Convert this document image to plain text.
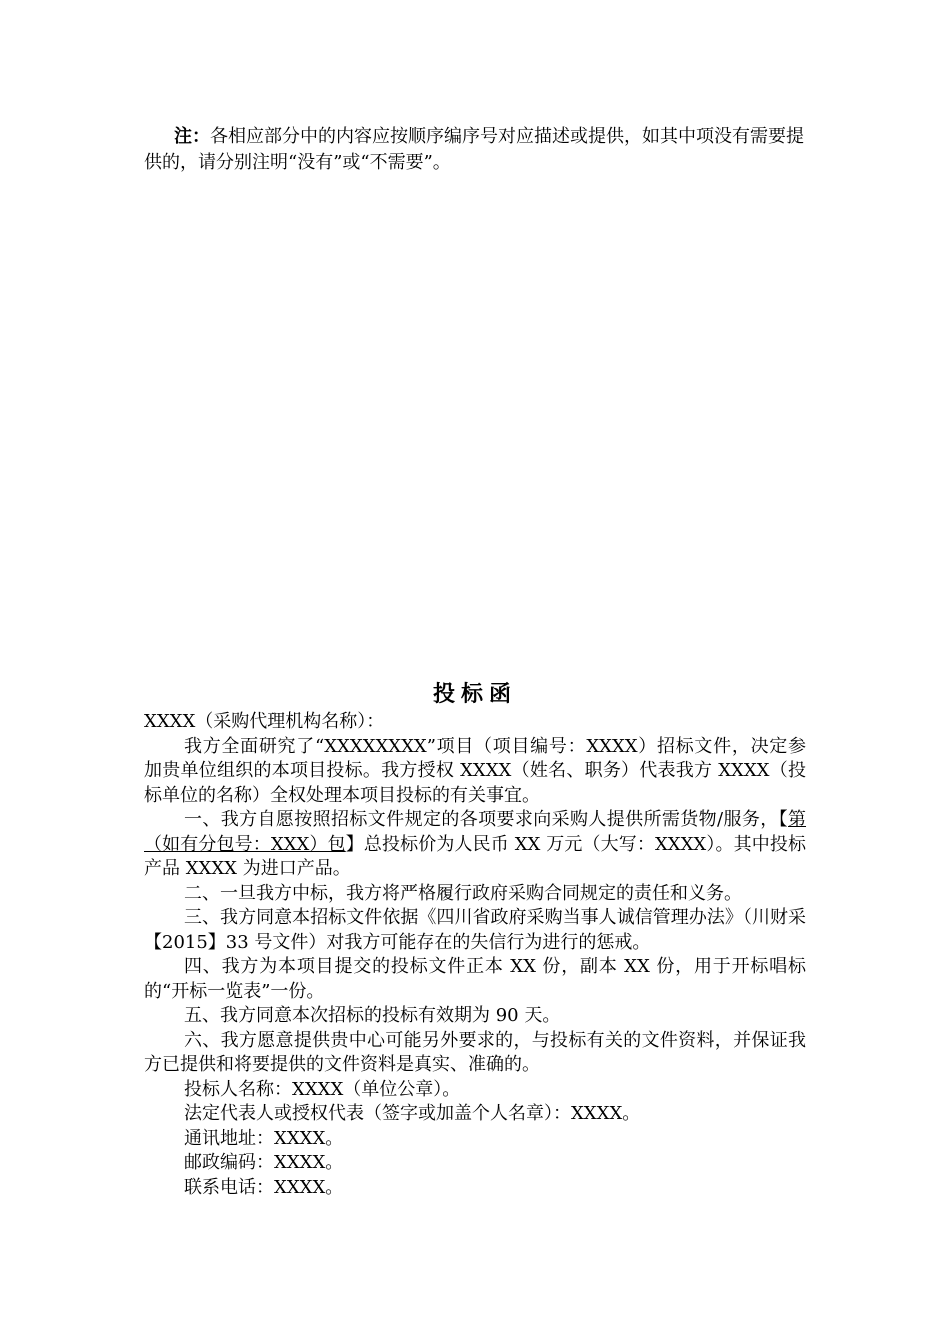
注：各相应部分中的内容应按顺序编序号对应描述或提供，如其中项没有需要提供的，请分别注明“没有”或“不需要”。

投标函

XXXX（采购代理机构名称）：

我方全面研究了“XXXXXXXX”项目（项目编号：XXXX）招标文件，决定参加贵单位组织的本项目投标。我方授权 XXXX（姓名、职务）代表我方 XXXX（投标单位的名称）全权处理本项目投标的有关事宜。

一、我方自愿按照招标文件规定的各项要求向采购人提供所需货物/服务，【第（如有分包号：XXX）包】总投标价为人民币 XX 万元（大写：XXXX）。其中投标产品 XXXX 为进口产品。

二、一旦我方中标，我方将严格履行政府采购合同规定的责任和义务。

三、我方同意本招标文件依据《四川省政府采购当事人诚信管理办法》（川财采【2015】33 号文件）对我方可能存在的失信行为进行的惩戒。

四、我方为本项目提交的投标文件正本 XX 份，副本 XX 份，用于开标唱标的“开标一览表”一份。

五、我方同意本次招标的投标有效期为 90 天。

六、我方愿意提供贵中心可能另外要求的，与投标有关的文件资料，并保证我方已提供和将要提供的文件资料是真实、准确的。

投标人名称：XXXX（单位公章）。

法定代表人或授权代表（签字或加盖个人名章）：XXXX。

通讯地址：XXXX。

邮政编码：XXXX。

联系电话：XXXX。
